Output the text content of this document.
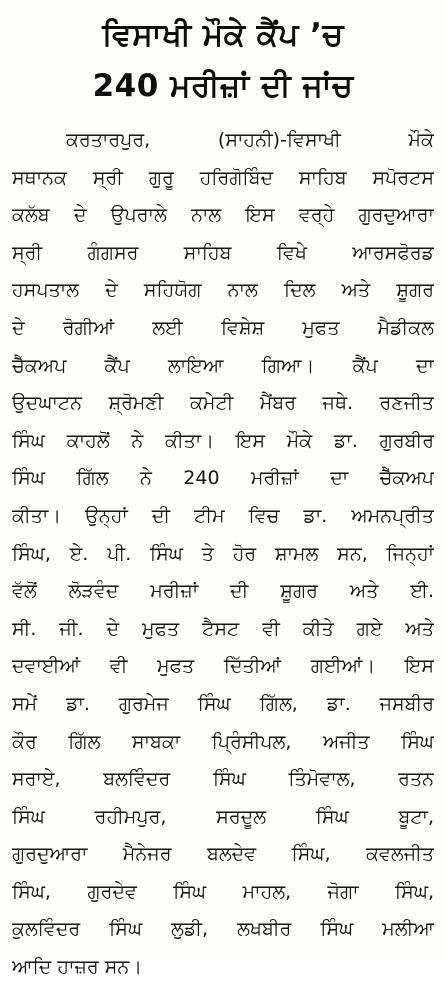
ਵਿਸਾਖੀ ਮੌਕੇ ਕੈਂਪ ’ਚ
240 ਮਰੀਜ਼ਾਂ ਦੀ ਜਾਂਚ
ਕਰਤਾਰਪੁਰ, (ਸਾਹਨੀ)-ਵਿਸਾਖੀ ਮੌਕੇ
ਸਥਾਨਕ ਸ੍ਰੀ ਗੁਰੂ ਹਰਿਗੋਬਿੰਦ ਸਾਹਿਬ ਸਪੋਰਟਸ
ਕਲੱਬ ਦੇ ਉਪਰਾਲੇ ਨਾਲ ਇਸ ਵਰ੍ਹੇ ਗੁਰਦੁਆਰਾ
ਸ੍ਰੀ ਗੰਗਸਰ ਸਾਹਿਬ ਵਿਖੇ ਆਰਸਫੋਰਡ
ਹਸਪਤਾਲ ਦੇ ਸਹਿਯੋਗ ਨਾਲ ਦਿਲ ਅਤੇ ਸ਼ੂਗਰ
ਦੇ ਰੋਗੀਆਂ ਲਈ ਵਿਸ਼ੇਸ਼ ਮੁਫਤ ਮੈਡੀਕਲ
ਚੈੱਕਅਪ ਕੈਂਪ ਲਾਇਆ ਗਿਆ। ਕੈਂਪ ਦਾ
ਉਦਘਾਟਨ ਸ਼੍ਰੋਮਣੀ ਕਮੇਟੀ ਮੈਂਬਰ ਜਥੇ. ਰਣਜੀਤ
ਸਿੰਘ ਕਾਹਲੋਂ ਨੇ ਕੀਤਾ। ਇਸ ਮੌਕੇ ਡਾ. ਗੁਰਬੀਰ
ਸਿੰਘ ਗਿੱਲ ਨੇ 240 ਮਰੀਜ਼ਾਂ ਦਾ ਚੈੱਕਅਪ
ਕੀਤਾ। ਉਨ੍ਹਾਂ ਦੀ ਟੀਮ ਵਿਚ ਡਾ. ਅਮਨਪ੍ਰੀਤ
ਸਿੰਘ, ਏ. ਪੀ. ਸਿੰਘ ਤੇ ਹੋਰ ਸ਼ਾਮਲ ਸਨ, ਜਿਨ੍ਹਾਂ
ਵੱਲੋਂ ਲੋੜਵੰਦ ਮਰੀਜ਼ਾਂ ਦੀ ਸ਼ੂਗਰ ਅਤੇ ਈ.
ਸੀ. ਜੀ. ਦੇ ਮੁਫਤ ਟੈਸਟ ਵੀ ਕੀਤੇ ਗਏ ਅਤੇ
ਦਵਾਈਆਂ ਵੀ ਮੁਫਤ ਦਿੱਤੀਆਂ ਗਈਆਂ। ਇਸ
ਸਮੇਂ ਡਾ. ਗੁਰਮੇਜ ਸਿੰਘ ਗਿੱਲ, ਡਾ. ਜਸਬੀਰ
ਕੌਰ ਗਿੱਲ ਸਾਬਕਾ ਪ੍ਰਿੰਸੀਪਲ, ਅਜੀਤ ਸਿੰਘ
ਸਰਾਏ, ਬਲਵਿੰਦਰ ਸਿੰਘ ਤਿੰਮੋਵਾਲ, ਰਤਨ
ਸਿੰਘ ਰਹੀਮਪੁਰ, ਸਰਦੂਲ ਸਿੰਘ ਬੂਟਾ,
ਗੁਰਦੁਆਰਾ ਮੈਨੇਜਰ ਬਲਦੇਵ ਸਿੰਘ, ਕਵਲਜੀਤ
ਸਿੰਘ, ਗੁਰਦੇਵ ਸਿੰਘ ਮਾਹਲ, ਜੋਗਾ ਸਿੰਘ,
ਕੁਲਵਿੰਦਰ ਸਿੰਘ ਲੁਡੀ, ਲਖਬੀਰ ਸਿੰਘ ਮਲੀਆ
ਆਦਿ ਹਾਜ਼ਰ ਸਨ।
